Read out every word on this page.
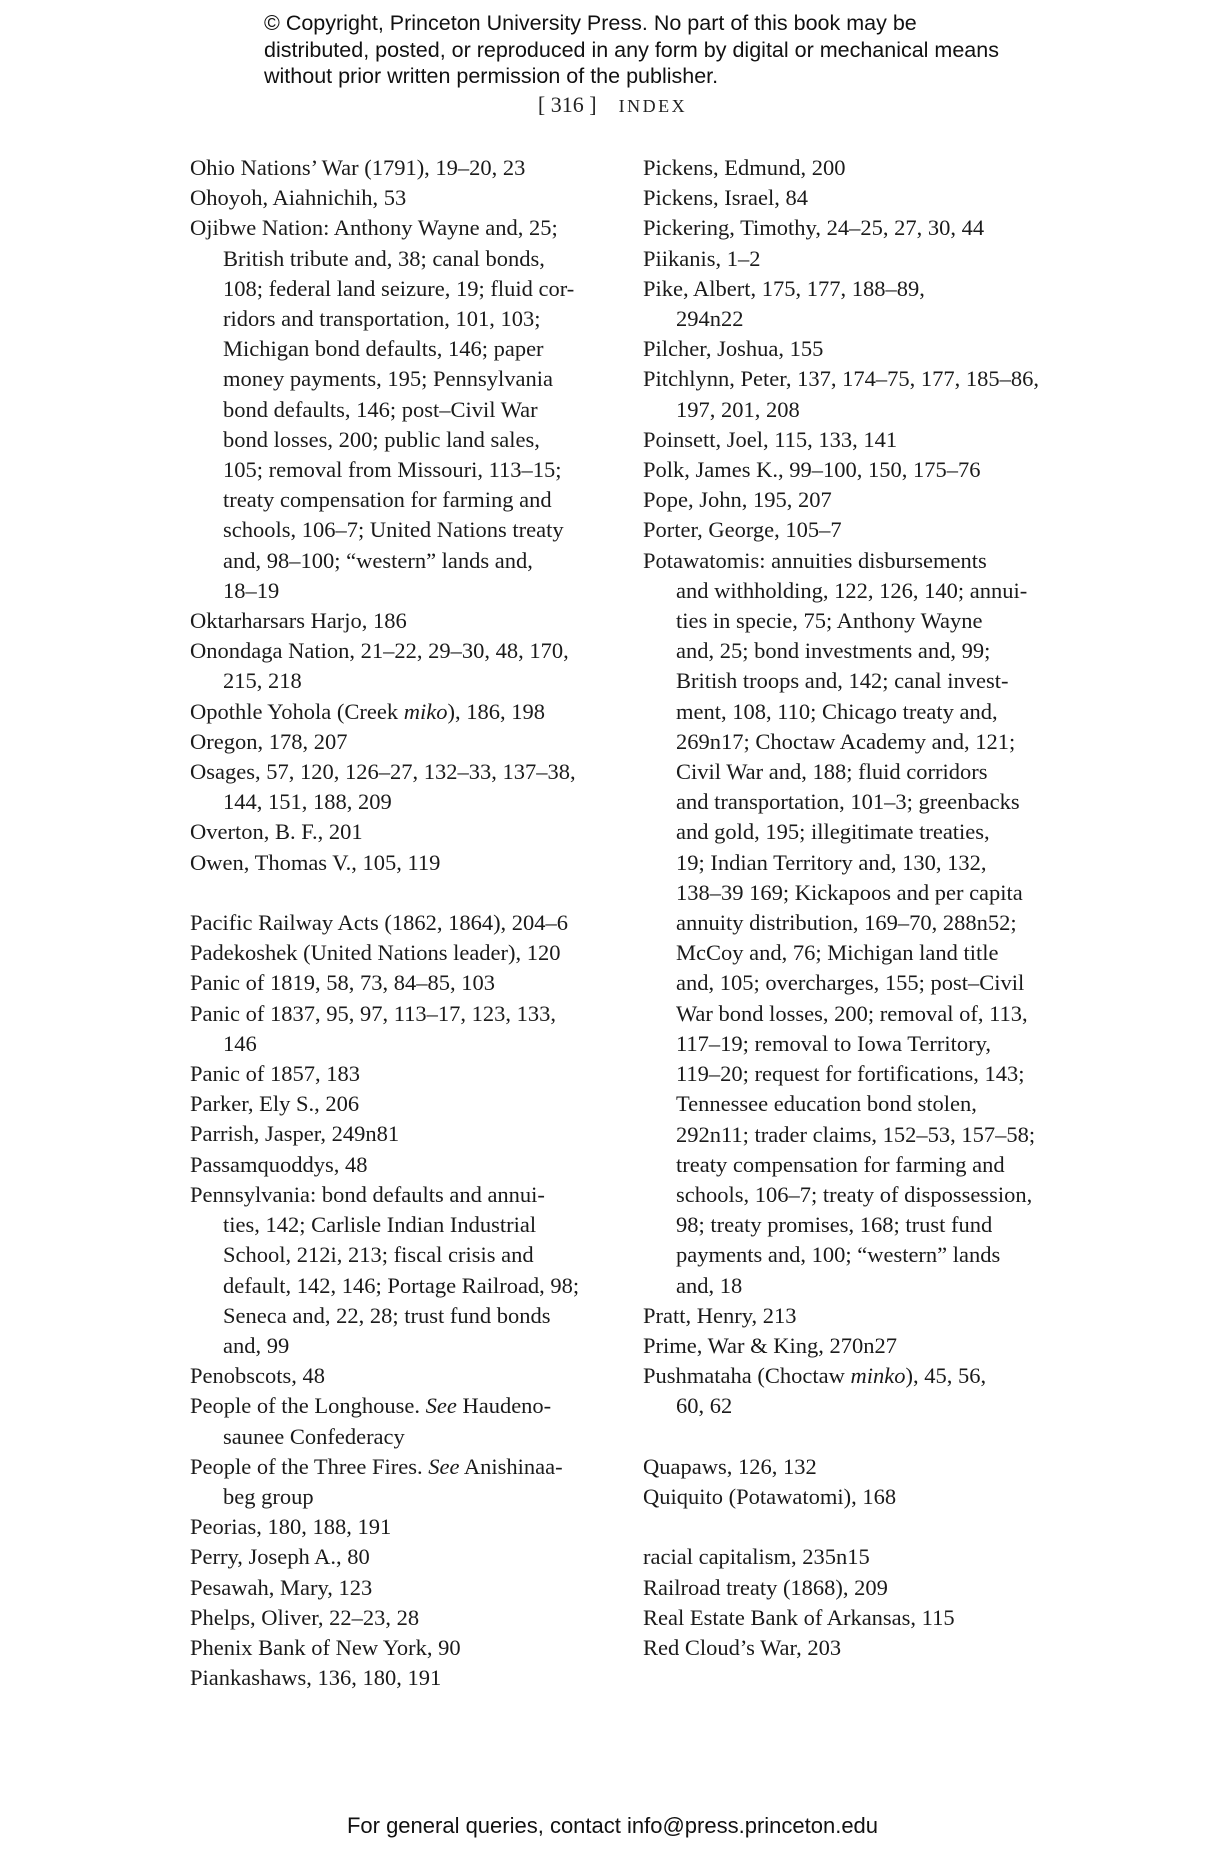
© Copyright, Princeton University Press. No part of this book may be distributed, posted, or reproduced in any form by digital or mechanical means without prior written permission of the publisher.
[ 316 ] INDEX
Ohio Nations’ War (1791), 19–20, 23
Ohoyoh, Aiahnichih, 53
Ojibwe Nation: Anthony Wayne and, 25;
British tribute and, 38; canal bonds,
108; federal land seizure, 19; fluid cor-
ridors and transportation, 101, 103;
Michigan bond defaults, 146; paper
money payments, 195; Pennsylvania
bond defaults, 146; post–Civil War
bond losses, 200; public land sales,
105; removal from Missouri, 113–15;
treaty compensation for farming and
schools, 106–7; United Nations treaty
and, 98–100; “western” lands and,
18–19
Oktarharsars Harjo, 186
Onondaga Nation, 21–22, 29–30, 48, 170,
215, 218
Opothle Yohola (Creek miko), 186, 198
Oregon, 178, 207
Osages, 57, 120, 126–27, 132–33, 137–38,
144, 151, 188, 209
Overton, B. F., 201
Owen, Thomas V., 105, 119
Pacific Railway Acts (1862, 1864), 204–6
Padekoshek (United Nations leader), 120
Panic of 1819, 58, 73, 84–85, 103
Panic of 1837, 95, 97, 113–17, 123, 133, 146
Panic of 1857, 183
Parker, Ely S., 206
Parrish, Jasper, 249n81
Passamquoddys, 48
Pennsylvania: bond defaults and annui-
ties, 142; Carlisle Indian Industrial
School, 212i, 213; fiscal crisis and
default, 142, 146; Portage Railroad, 98;
Seneca and, 22, 28; trust fund bonds
and, 99
Penobscots, 48
People of the Longhouse. See Haudeno-
saunee Confederacy
People of the Three Fires. See Anishinaa-
beg group
Peorias, 180, 188, 191
Perry, Joseph A., 80
Pesawah, Mary, 123
Phelps, Oliver, 22–23, 28
Phenix Bank of New York, 90
Piankashaws, 136, 180, 191
Pickens, Edmund, 200
Pickens, Israel, 84
Pickering, Timothy, 24–25, 27, 30, 44
Piikanis, 1–2
Pike, Albert, 175, 177, 188–89,
294n22
Pilcher, Joshua, 155
Pitchlynn, Peter, 137, 174–75, 177, 185–86,
197, 201, 208
Poinsett, Joel, 115, 133, 141
Polk, James K., 99–100, 150, 175–76
Pope, John, 195, 207
Porter, George, 105–7
Potawatomis: annuities disbursements
and withholding, 122, 126, 140; annui-
ties in specie, 75; Anthony Wayne
and, 25; bond investments and, 99;
British troops and, 142; canal invest-
ment, 108, 110; Chicago treaty and,
269n17; Choctaw Academy and, 121;
Civil War and, 188; fluid corridors
and transportation, 101–3; greenbacks
and gold, 195; illegitimate treaties,
19; Indian Territory and, 130, 132,
138–39 169; Kickapoos and per capita
annuity distribution, 169–70, 288n52;
McCoy and, 76; Michigan land title
and, 105; overcharges, 155; post–Civil
War bond losses, 200; removal of, 113,
117–19; removal to Iowa Territory,
119–20; request for fortifications, 143;
Tennessee education bond stolen,
292n11; trader claims, 152–53, 157–58;
treaty compensation for farming and
schools, 106–7; treaty of dispossession,
98; treaty promises, 168; trust fund
payments and, 100; “western” lands
and, 18
Pratt, Henry, 213
Prime, War & King, 270n27
Pushmataha (Choctaw minko), 45, 56,
60, 62
Quapaws, 126, 132
Quiquito (Potawatomi), 168
racial capitalism, 235n15
Railroad treaty (1868), 209
Real Estate Bank of Arkansas, 115
Red Cloud’s War, 203
For general queries, contact info@press.princeton.edu
